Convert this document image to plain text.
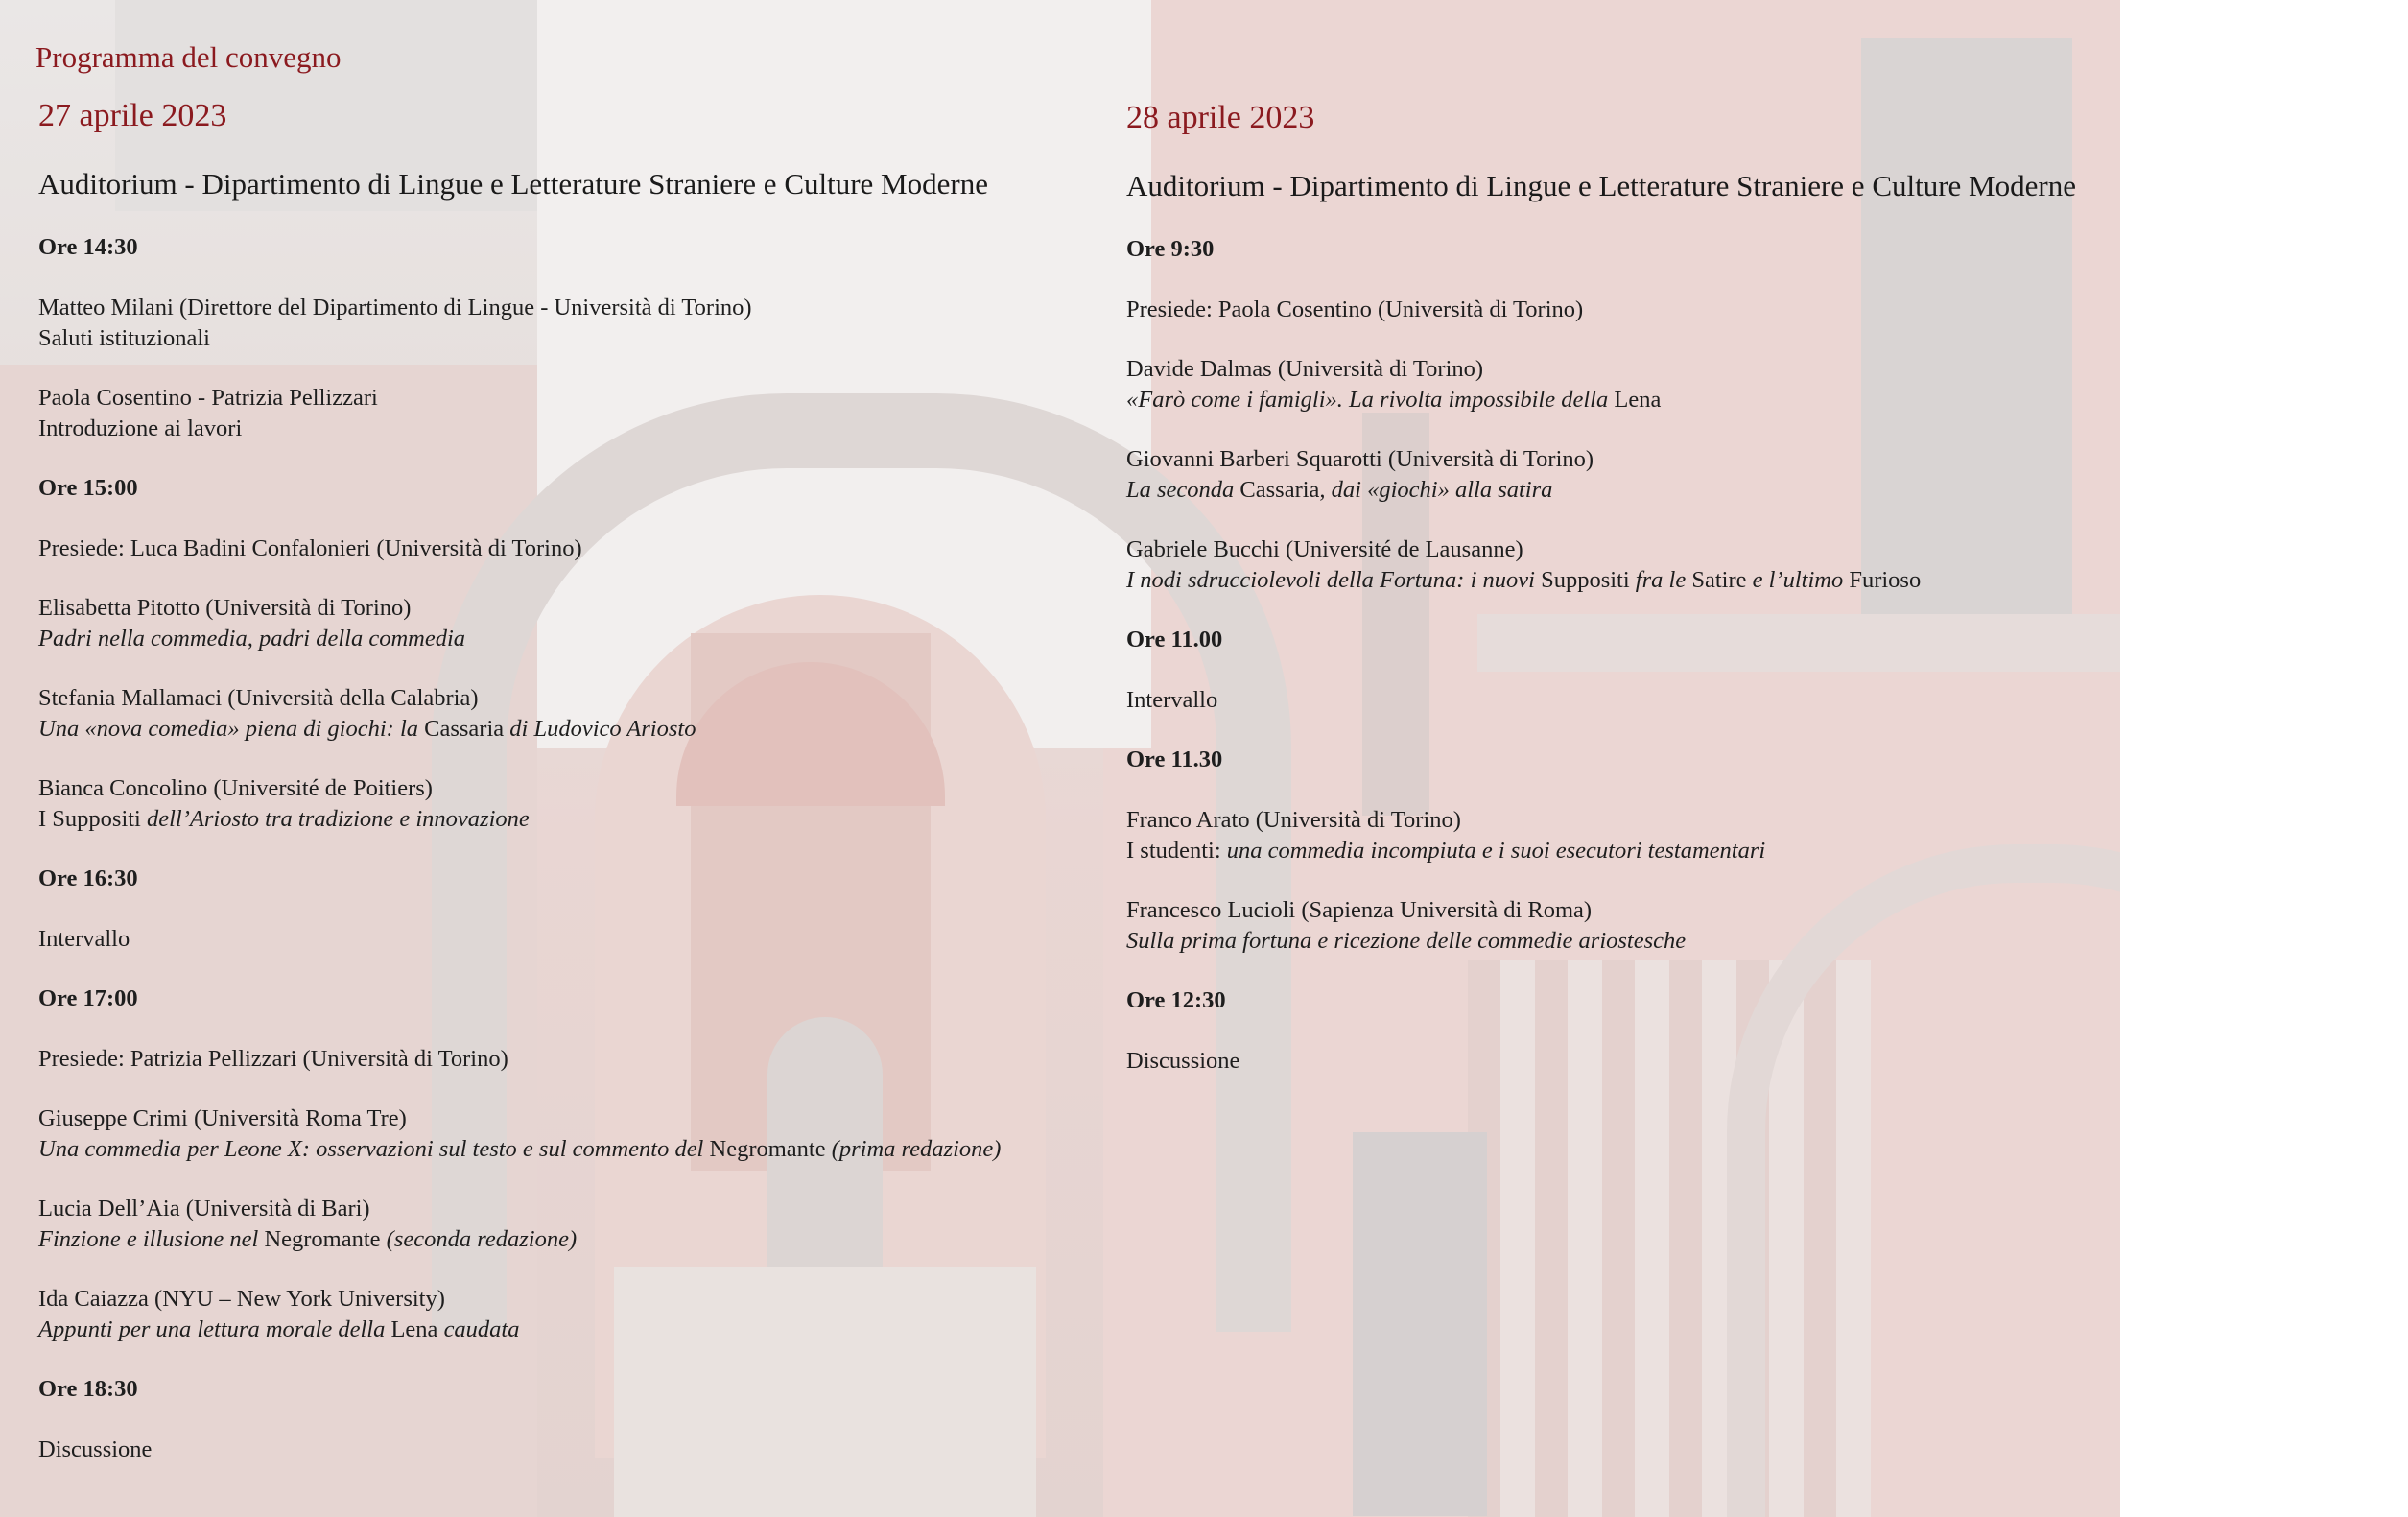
Programma del convegno
27 aprile 2023
Auditorium - Dipartimento di Lingue e Letterature Straniere e Culture Moderne
Ore 14:30
Matteo Milani (Direttore del Dipartimento di Lingue - Università di Torino)
Saluti istituzionali
Paola Cosentino - Patrizia Pellizzari
Introduzione ai lavori
Ore 15:00
Presiede: Luca Badini Confalonieri (Università di Torino)
Elisabetta Pitotto (Università di Torino)
Padri nella commedia, padri della commedia
Stefania Mallamaci (Università della Calabria)
Una «nova comedia» piena di giochi: la Cassaria di Ludovico Ariosto
Bianca Concolino (Université de Poitiers)
I Suppositi dell’Ariosto tra tradizione e innovazione
Ore 16:30
Intervallo
Ore 17:00
Presiede: Patrizia Pellizzari (Università di Torino)
Giuseppe Crimi (Università Roma Tre)
Una commedia per Leone X: osservazioni sul testo e sul commento del Negromante (prima redazione)
Lucia Dell’Aia (Università di Bari)
Finzione e illusione nel Negromante (seconda redazione)
Ida Caiazza (NYU – New York University)
Appunti per una lettura morale della Lena caudata
Ore 18:30
Discussione
28 aprile 2023
Auditorium - Dipartimento di Lingue e Letterature Straniere e Culture Moderne
Ore 9:30
Presiede: Paola Cosentino (Università di Torino)
Davide Dalmas (Università di Torino)
«Farò come i famigli». La rivolta impossibile della Lena
Giovanni Barberi Squarotti (Università di Torino)
La seconda Cassaria, dai «giochi» alla satira
Gabriele Bucchi (Université de Lausanne)
I nodi sdrucciolevoli della Fortuna: i nuovi Suppositi fra le Satire e l’ultimo Furioso
Ore 11.00
Intervallo
Ore 11.30
Franco Arato (Università di Torino)
I studenti: una commedia incompiuta e i suoi esecutori testamentari
Francesco Lucioli (Sapienza Università di Roma)
Sulla prima fortuna e ricezione delle commedie ariostesche
Ore 12:30
Discussione
